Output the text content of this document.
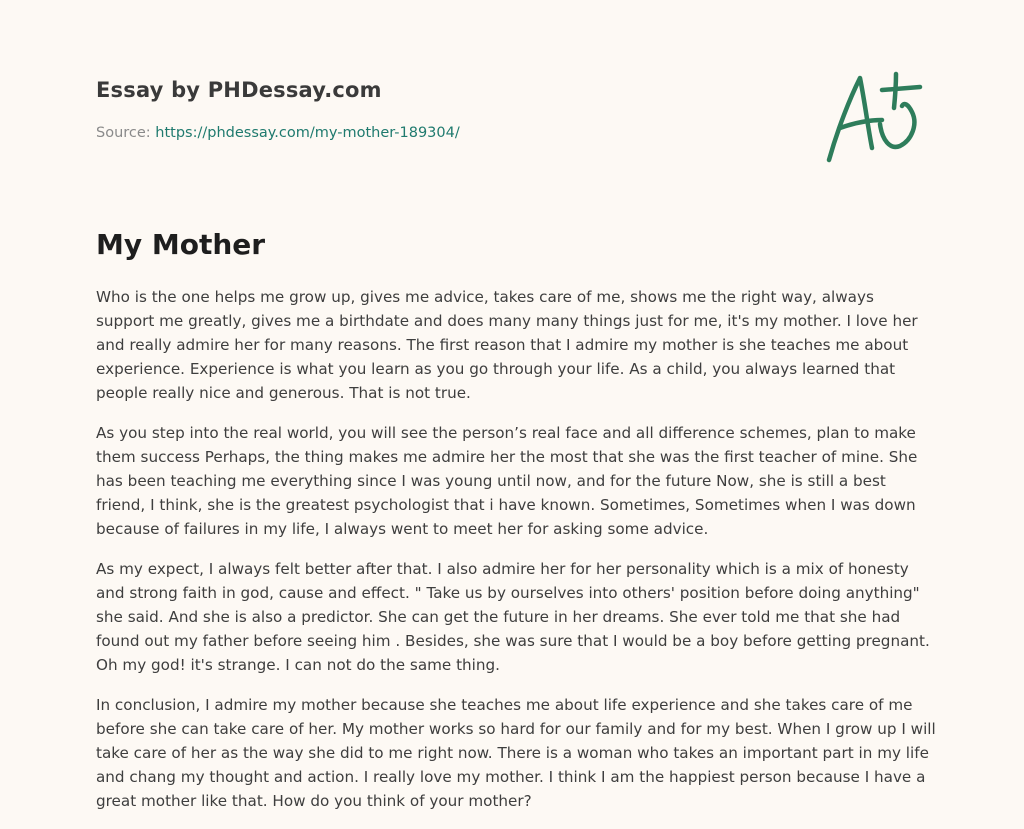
Essay by PHDessay.com

Source: https://phdessay.com/my-mother-189304/
My Mother

Who is the one helps me grow up, gives me advice, takes care of me, shows me the right way, always support me greatly, gives me a birthdate and does many many things just for me, it's my mother. I love her and really admire her for many reasons. The first reason that I admire my mother is she teaches me about experience. Experience is what you learn as you go through your life. As a child, you always learned that people really nice and generous. That is not true.

As you step into the real world, you will see the person’s real face and all difference schemes, plan to make them success Perhaps, the thing makes me admire her the most that she was the first teacher of mine. She has been teaching me everything since I was young until now, and for the future Now, she is still a best friend, I think, she is the greatest psychologist that i have known. Sometimes, Sometimes when I was down because of failures in my life, I always went to meet her for asking some advice.

As my expect, I always felt better after that. I also admire her for her personality which is a mix of honesty and strong faith in god, cause and effect. " Take us by ourselves into others' position before doing anything" she said. And she is also a predictor. She can get the future in her dreams. She ever told me that she had found out my father before seeing him . Besides, she was sure that I would be a boy before getting pregnant. Oh my god! it's strange. I can not do the same thing.

In conclusion, I admire my mother because she teaches me about life experience and she takes care of me before she can take care of her. My mother works so hard for our family and for my best. When I grow up I will take care of her as the way she did to me right now. There is a woman who takes an important part in my life and chang my thought and action. I really love my mother. I think I am the happiest person because I have a great mother like that. How do you think of your mother?
